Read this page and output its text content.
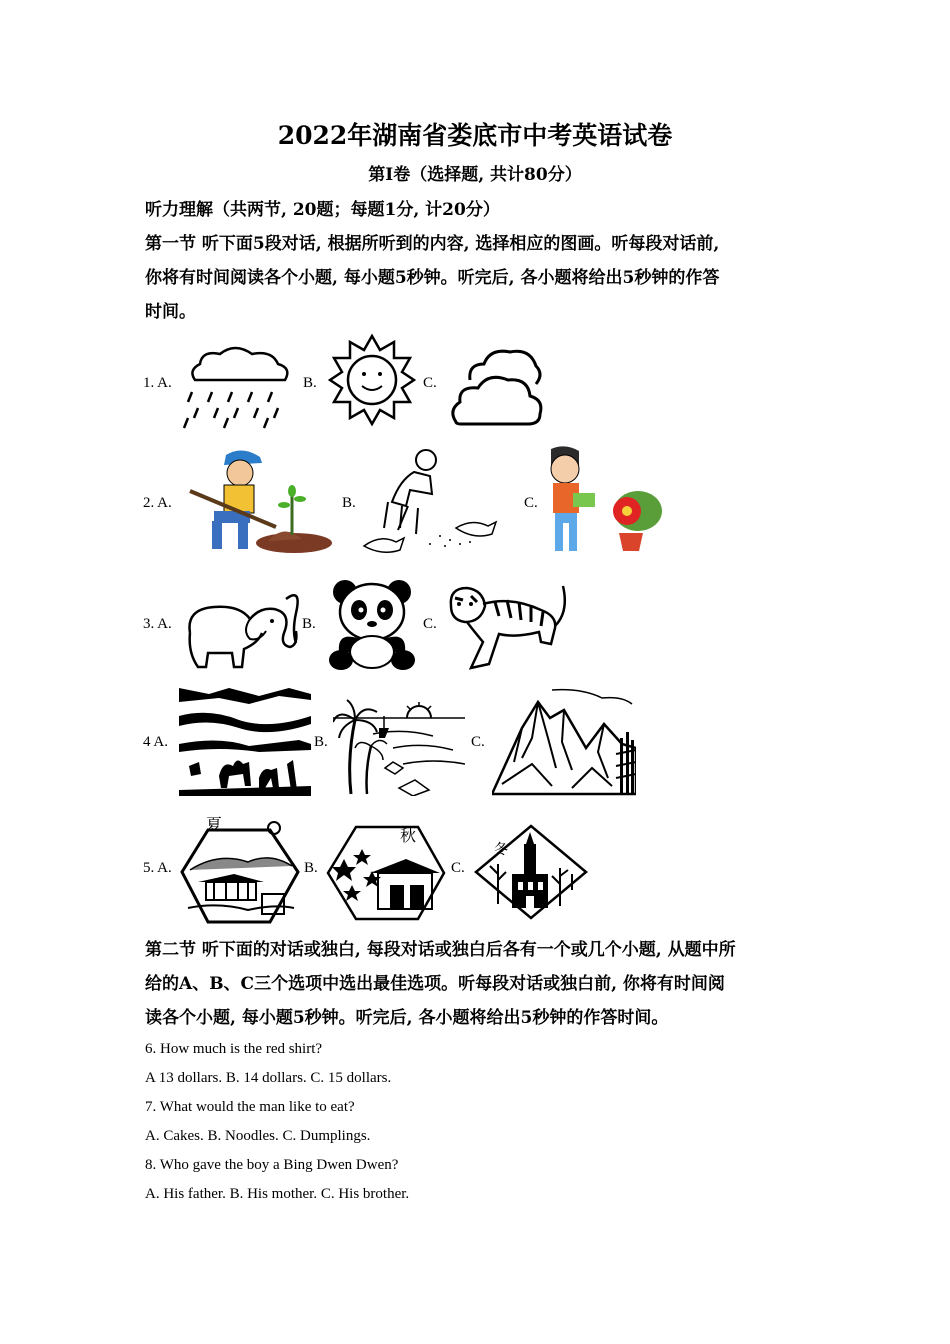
2022年湖南省娄底市中考英语试卷
第Ⅰ卷（选择题, 共计80分）
听力理解（共两节, 20题；每题1分, 计20分）
第一节 听下面5段对话, 根据所听到的内容, 选择相应的图画。听每段对话前,
你将有时间阅读各个小题, 每小题5秒钟。听完后, 各小题将给出5秒钟的作答
时间。
1. A.	B.	C.
2. A.	B.	C.
3. A.	B.	C.
4 A.	B.	C.
5. A.
夏
B.
秋
C.
冬
第二节 听下面的对话或独白, 每段对话或独白后各有一个或几个小题, 从题中所
给的A、B、C三个选项中选出最佳选项。听每段对话或独白前, 你将有时间阅
读各个小题, 每小题5秒钟。听完后, 各小题将给出5秒钟的作答时间。
6. How much is the red shirt?
A 13 dollars. B. 14 dollars. C. 15 dollars.
7. What would the man like to eat?
A. Cakes. B. Noodles. C. Dumplings.
8. Who gave the boy a Bing Dwen Dwen?
A. His father. B. His mother. C. His brother.
